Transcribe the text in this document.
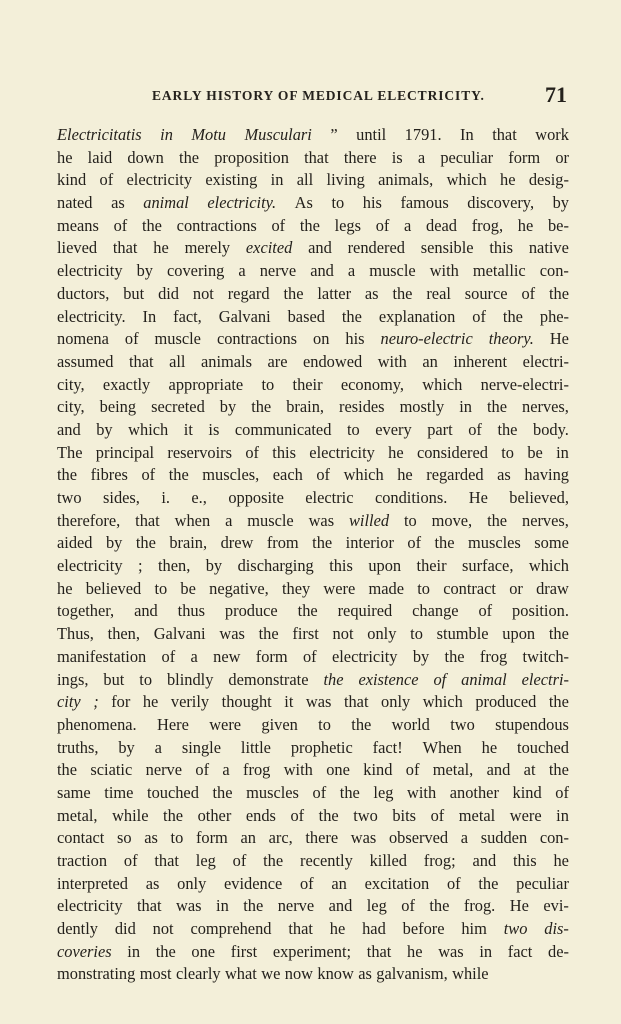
EARLY HISTORY OF MEDICAL ELECTRICITY.	71
Electricitatis in Motu Musculari ” until 1791. In that work
he laid down the proposition that there is a peculiar form or
kind of electricity existing in all living animals, which he desig-
nated as animal electricity. As to his famous discovery, by
means of the contractions of the legs of a dead frog, he be-
lieved that he merely excited and rendered sensible this native
electricity by covering a nerve and a muscle with metallic con-
ductors, but did not regard the latter as the real source of the
electricity. In fact, Galvani based the explanation of the phe-
nomena of muscle contractions on his neuro-electric theory. He
assumed that all animals are endowed with an inherent electri-
city, exactly appropriate to their economy, which nerve-electri-
city, being secreted by the brain, resides mostly in the nerves,
and by which it is communicated to every part of the body.
The principal reservoirs of this electricity he considered to be in
the fibres of the muscles, each of which he regarded as having
two sides, i. e., opposite electric conditions. He believed,
therefore, that when a muscle was willed to move, the nerves,
aided by the brain, drew from the interior of the muscles some
electricity ; then, by discharging this upon their surface, which
he believed to be negative, they were made to contract or draw
together, and thus produce the required change of position.
Thus, then, Galvani was the first not only to stumble upon the
manifestation of a new form of electricity by the frog twitch-
ings, but to blindly demonstrate the existence of animal electri-
city ; for he verily thought it was that only which produced the
phenomena. Here were given to the world two stupendous
truths, by a single little prophetic fact! When he touched
the sciatic nerve of a frog with one kind of metal, and at the
same time touched the muscles of the leg with another kind of
metal, while the other ends of the two bits of metal were in
contact so as to form an arc, there was observed a sudden con-
traction of that leg of the recently killed frog; and this he
interpreted as only evidence of an excitation of the peculiar
electricity that was in the nerve and leg of the frog. He evi-
dently did not comprehend that he had before him two dis-
coveries in the one first experiment; that he was in fact de-
monstrating most clearly what we now know as galvanism, while
